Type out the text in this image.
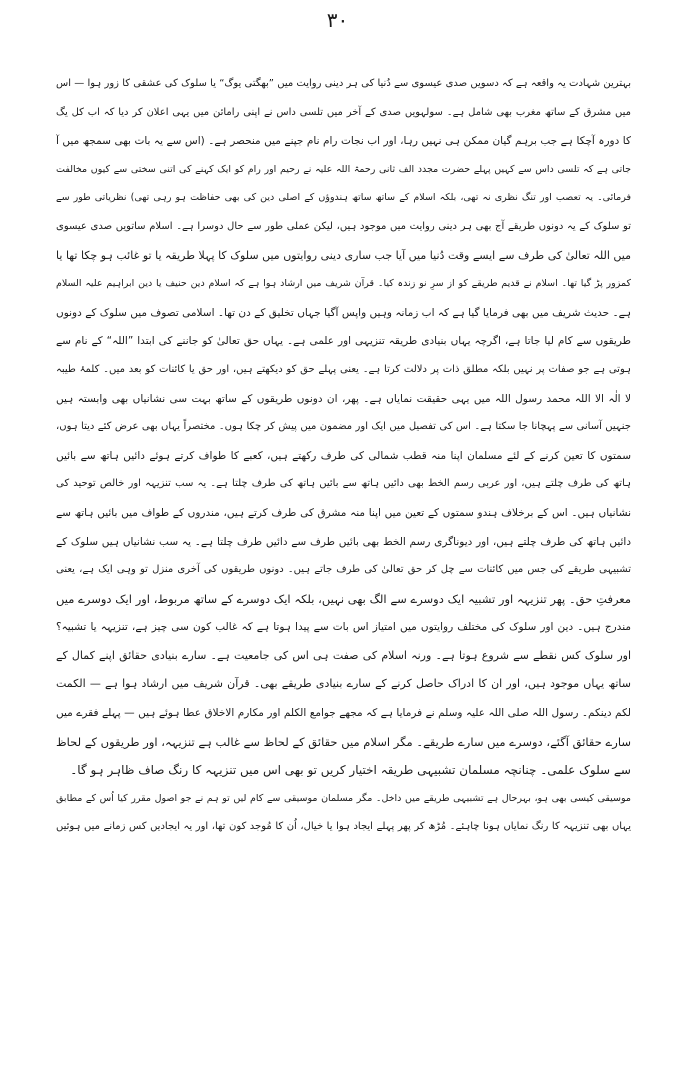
۳۰
بہترین شہادت یہ واقعہ ہے کہ دسویں صدی عیسوی سے دُنیا کی ہر دینی روایت میں ”بھگتی یوگ“ یا سلوک کی عشقی کا زور ہوا — اس
میں مشرق کے ساتھ مغرب بھی شامل ہے۔ سولہویں صدی کے آخر میں تلسی داس نے اپنی رامائن میں یہی اعلان کر دیا کہ اب کل یگ
کا دورہ آچکا ہے جب برہم گیان ممکن ہی نہیں رہا، اور اب نجات رام نام جپنے میں منحصر ہے۔ (اس سے یہ بات بھی سمجھ میں آ
جاتی ہے کہ تلسی داس سے کہیں پہلے حضرت مجدد الف ثانی رحمۃ اللہ علیہ نے رحیم اور رام کو ایک کہنے کی اتنی سختی سے کیوں مخالفت
فرمائی۔ یہ تعصب اور تنگ نظری نہ تھی، بلکہ اسلام کے ساتھ ساتھ ہندوؤں کے اصلی دین کی بھی حفاظت ہو رہی تھی) نظریاتی طور سے
تو سلوک کے یہ دونوں طریقے آج بھی ہر دینی روایت میں موجود ہیں، لیکن عملی طور سے حال دوسرا ہے۔ اسلام ساتویں صدی عیسوی
میں اللہ تعالیٰ کی طرف سے ایسے وقت دُنیا میں آیا جب ساری دینی روایتوں میں سلوک کا پہلا طریقہ یا تو غائب ہو چکا تھا یا
کمزور پڑ گیا تھا۔ اسلام نے قدیم طریقے کو از سرِ نو زندہ کیا۔ قرآن شریف میں ارشاد ہوا ہے کہ اسلام دین حنیف یا دین ابراہیم علیہ السلام
ہے۔ حدیث شریف میں بھی فرمایا گیا ہے کہ اب زمانہ وہیں واپس آگیا جہاں تخلیق کے دن تھا۔ اسلامی تصوف میں سلوک کے دونوں
طریقوں سے کام لیا جاتا ہے، اگرچہ یہاں بنیادی طریقہ تنزیہی اور علمی ہے۔ یہاں حق تعالیٰ کو جاننے کی ابتدا ”اللہ“ کے نام سے
ہوتی ہے جو صفات پر نہیں بلکہ مطلق ذات پر دلالت کرتا ہے۔ یعنی پہلے حق کو دیکھتے ہیں، اور حق یا کائنات کو بعد میں۔ کلمۂ طیبہ
لا الٰہ الا اللہ محمد رسول اللہ میں یہی حقیقت نمایاں ہے۔ پھر، ان دونوں طریقوں کے ساتھ بہت سی نشانیاں بھی وابستہ ہیں
جنہیں آسانی سے پہچانا جا سکتا ہے۔ اس کی تفصیل میں ایک اور مضمون میں پیش کر چکا ہوں۔ مختصراً یہاں بھی عرض کئے دیتا ہوں،
سمتوں کا تعین کرنے کے لئے مسلمان اپنا منہ قطب شمالی کی طرف رکھتے ہیں، کعبے کا طواف کرتے ہوئے دائیں ہاتھ سے بائیں
ہاتھ کی طرف چلتے ہیں، اور عربی رسم الخط بھی دائیں ہاتھ سے بائیں ہاتھ کی طرف چلتا ہے۔ یہ سب تنزیہہ اور خالص توحید کی
نشانیاں ہیں۔ اس کے برخلاف ہندو سمتوں کے تعین میں اپنا منہ مشرق کی طرف کرتے ہیں، مندروں کے طواف میں بائیں ہاتھ سے
دائیں ہاتھ کی طرف چلتے ہیں، اور دیوناگری رسم الخط بھی بائیں طرف سے دائیں طرف چلتا ہے۔ یہ سب نشانیاں ہیں سلوک کے
تشبیہی طریقے کی جس میں کائنات سے چل کر حق تعالیٰ کی طرف جاتے ہیں۔ دونوں طریقوں کی آخری منزل تو وہی ایک ہے، یعنی
معرفتِ حق۔ پھر تنزیہہ اور تشبیہ ایک دوسرے سے الگ بھی نہیں، بلکہ ایک دوسرے کے ساتھ مربوط، اور ایک دوسرے میں
مندرج ہیں۔ دین اور سلوک کی مختلف روایتوں میں امتیاز اس بات سے پیدا ہوتا ہے کہ غالب کون سی چیز ہے، تنزیہہ یا تشبیہ؟
اور سلوک کس نقطے سے شروع ہوتا ہے۔ ورنہ اسلام کی صفت ہی اس کی جامعیت ہے۔ سارے بنیادی حقائق اپنے کمال کے
ساتھ یہاں موجود ہیں، اور ان کا ادراک حاصل کرنے کے سارے بنیادی طریقے بھی۔ قرآن شریف میں ارشاد ہوا ہے — الکمت
لکم دینکم۔ رسول اللہ صلی اللہ علیہ وسلم نے فرمایا ہے کہ مجھے جوامع الکلم اور مکارم الاخلاق عطا ہوئے ہیں — پہلے فقرے میں
سارے حقائق آگئے، دوسرے میں سارے طریقے۔ مگر اسلام میں حقائق کے لحاظ سے غالب ہے تنزیہہ، اور طریقوں کے لحاظ
سے سلوک علمی۔ چنانچہ مسلمان تشبیہی طریقہ اختیار کریں تو بھی اس میں تنزیہہ کا رنگ صاف ظاہر ہو گا۔
موسیقی کیسی بھی ہو، بہرحال ہے تشبیہی طریقے میں داخل۔ مگر مسلمان موسیقی سے کام لیں تو ہم نے جو اصول مقرر کیا اُس کے مطابق
یہاں بھی تنزیہہ کا رنگ نمایاں ہونا چاہئے۔ مُڑھ کر پھر پہلے ایجاد ہوا یا خیال، اُن کا مُوجد کون تھا، اور یہ ایجادیں کس زمانے میں ہوئیں
